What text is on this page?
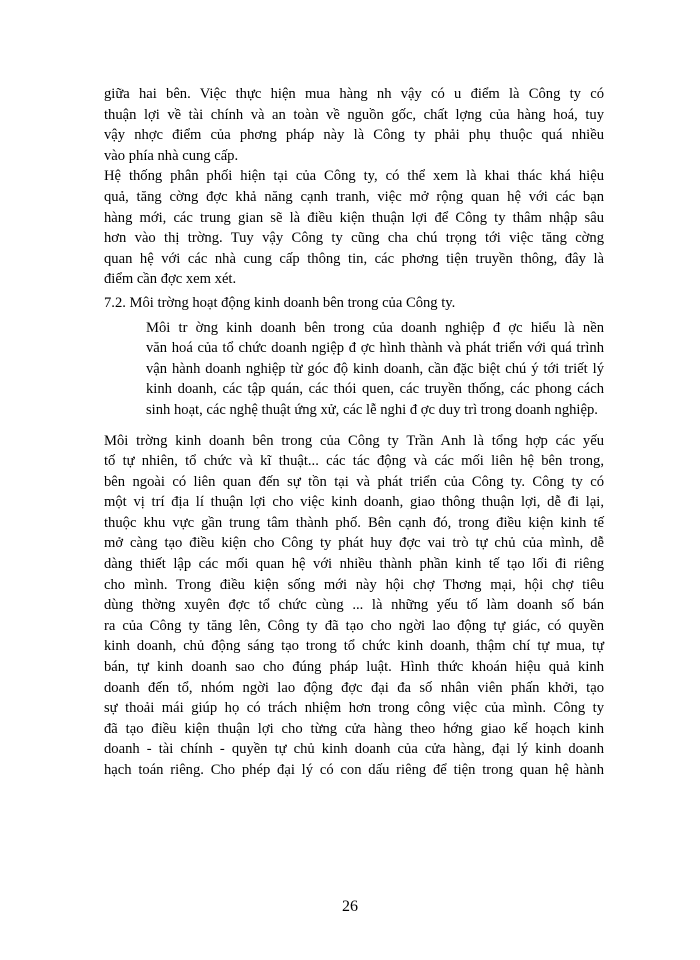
giữa hai bên. Việc thực hiện mua hàng nh vậy có u điểm là Công ty có
thuận lợi về tài chính và an toàn về nguồn gốc, chất lợng của hàng hoá, tuy
vậy nhợc điểm của phơng pháp này là Công ty phải phụ thuộc quá nhiều
vào phía nhà cung cấp.

Hệ thống phân phối hiện tại của Công ty, có thể xem là khai thác khá hiệu
quả, tăng cờng đợc khả năng cạnh tranh, việc mở rộng quan hệ với các bạn
hàng mới, các trung gian sẽ là điều kiện thuận lợi để Công ty thâm nhập sâu
hơn vào thị trờng. Tuy vậy Công ty cũng cha chú trọng tới việc tăng cờng
quan hệ với các nhà cung cấp thông tin, các phơng tiện truyền thông, đây là
điểm cần đợc xem xét.

7.2. Môi trờng hoạt động kinh doanh bên trong của Công ty.

Môi tr ờng kinh doanh bên trong của doanh nghiệp đ ợc hiểu là nền
văn hoá của tổ chức doanh ngiệp đ ợc hình thành và phát triển với quá trình
vận hành doanh nghiệp từ góc độ kinh doanh, cần đặc biệt chú ý tới triết lý
kinh doanh, các tập quán, các thói quen, các truyền thống, các phong cách
sinh hoạt, các nghệ thuật ứng xử, các lễ nghi đ ợc duy trì trong doanh nghiệp.

Môi trờng kinh doanh bên trong của Công ty Trần Anh là tổng hợp các yếu
tố tự nhiên, tổ chức và kĩ thuật... các tác động và các mối liên hệ bên trong,
bên ngoài có liên quan đến sự tồn tại và phát triển của Công ty. Công ty có
một vị trí địa lí thuận lợi cho việc kinh doanh, giao thông thuận lợi, dễ đi lại,
thuộc khu vực gần trung tâm thành phố. Bên cạnh đó, trong điều kiện kinh tế
mở càng tạo điều kiện cho Công ty phát huy đợc vai trò tự chủ của mình, dễ
dàng thiết lập các mối quan hệ với nhiều thành phần kinh tế tạo lối đi riêng
cho mình. Trong điều kiện sống mới này hội chợ Thơng mại, hội chợ tiêu
dùng thờng xuyên đợc tổ chức cùng ... là những yếu tố làm doanh số bán
ra của Công ty tăng lên, Công ty đã tạo cho ngời lao động tự giác, có quyền
kinh doanh, chủ động sáng tạo trong tổ chức kinh doanh, thậm chí tự mua, tự
bán, tự kinh doanh sao cho đúng pháp luật. Hình thức khoán hiệu quả kinh
doanh đến tổ, nhóm ngời lao động đợc đại đa số nhân viên phấn khởi, tạo
sự thoải mái giúp họ có trách nhiệm hơn trong công việc của mình. Công ty
đã tạo điều kiện thuận lợi cho từng cửa hàng theo hớng giao kế hoạch kinh
doanh - tài chính - quyền tự chủ kinh doanh của cửa hàng, đại lý kinh doanh
hạch toán riêng. Cho phép đại lý có con dấu riêng để tiện trong quan hệ hành

26
